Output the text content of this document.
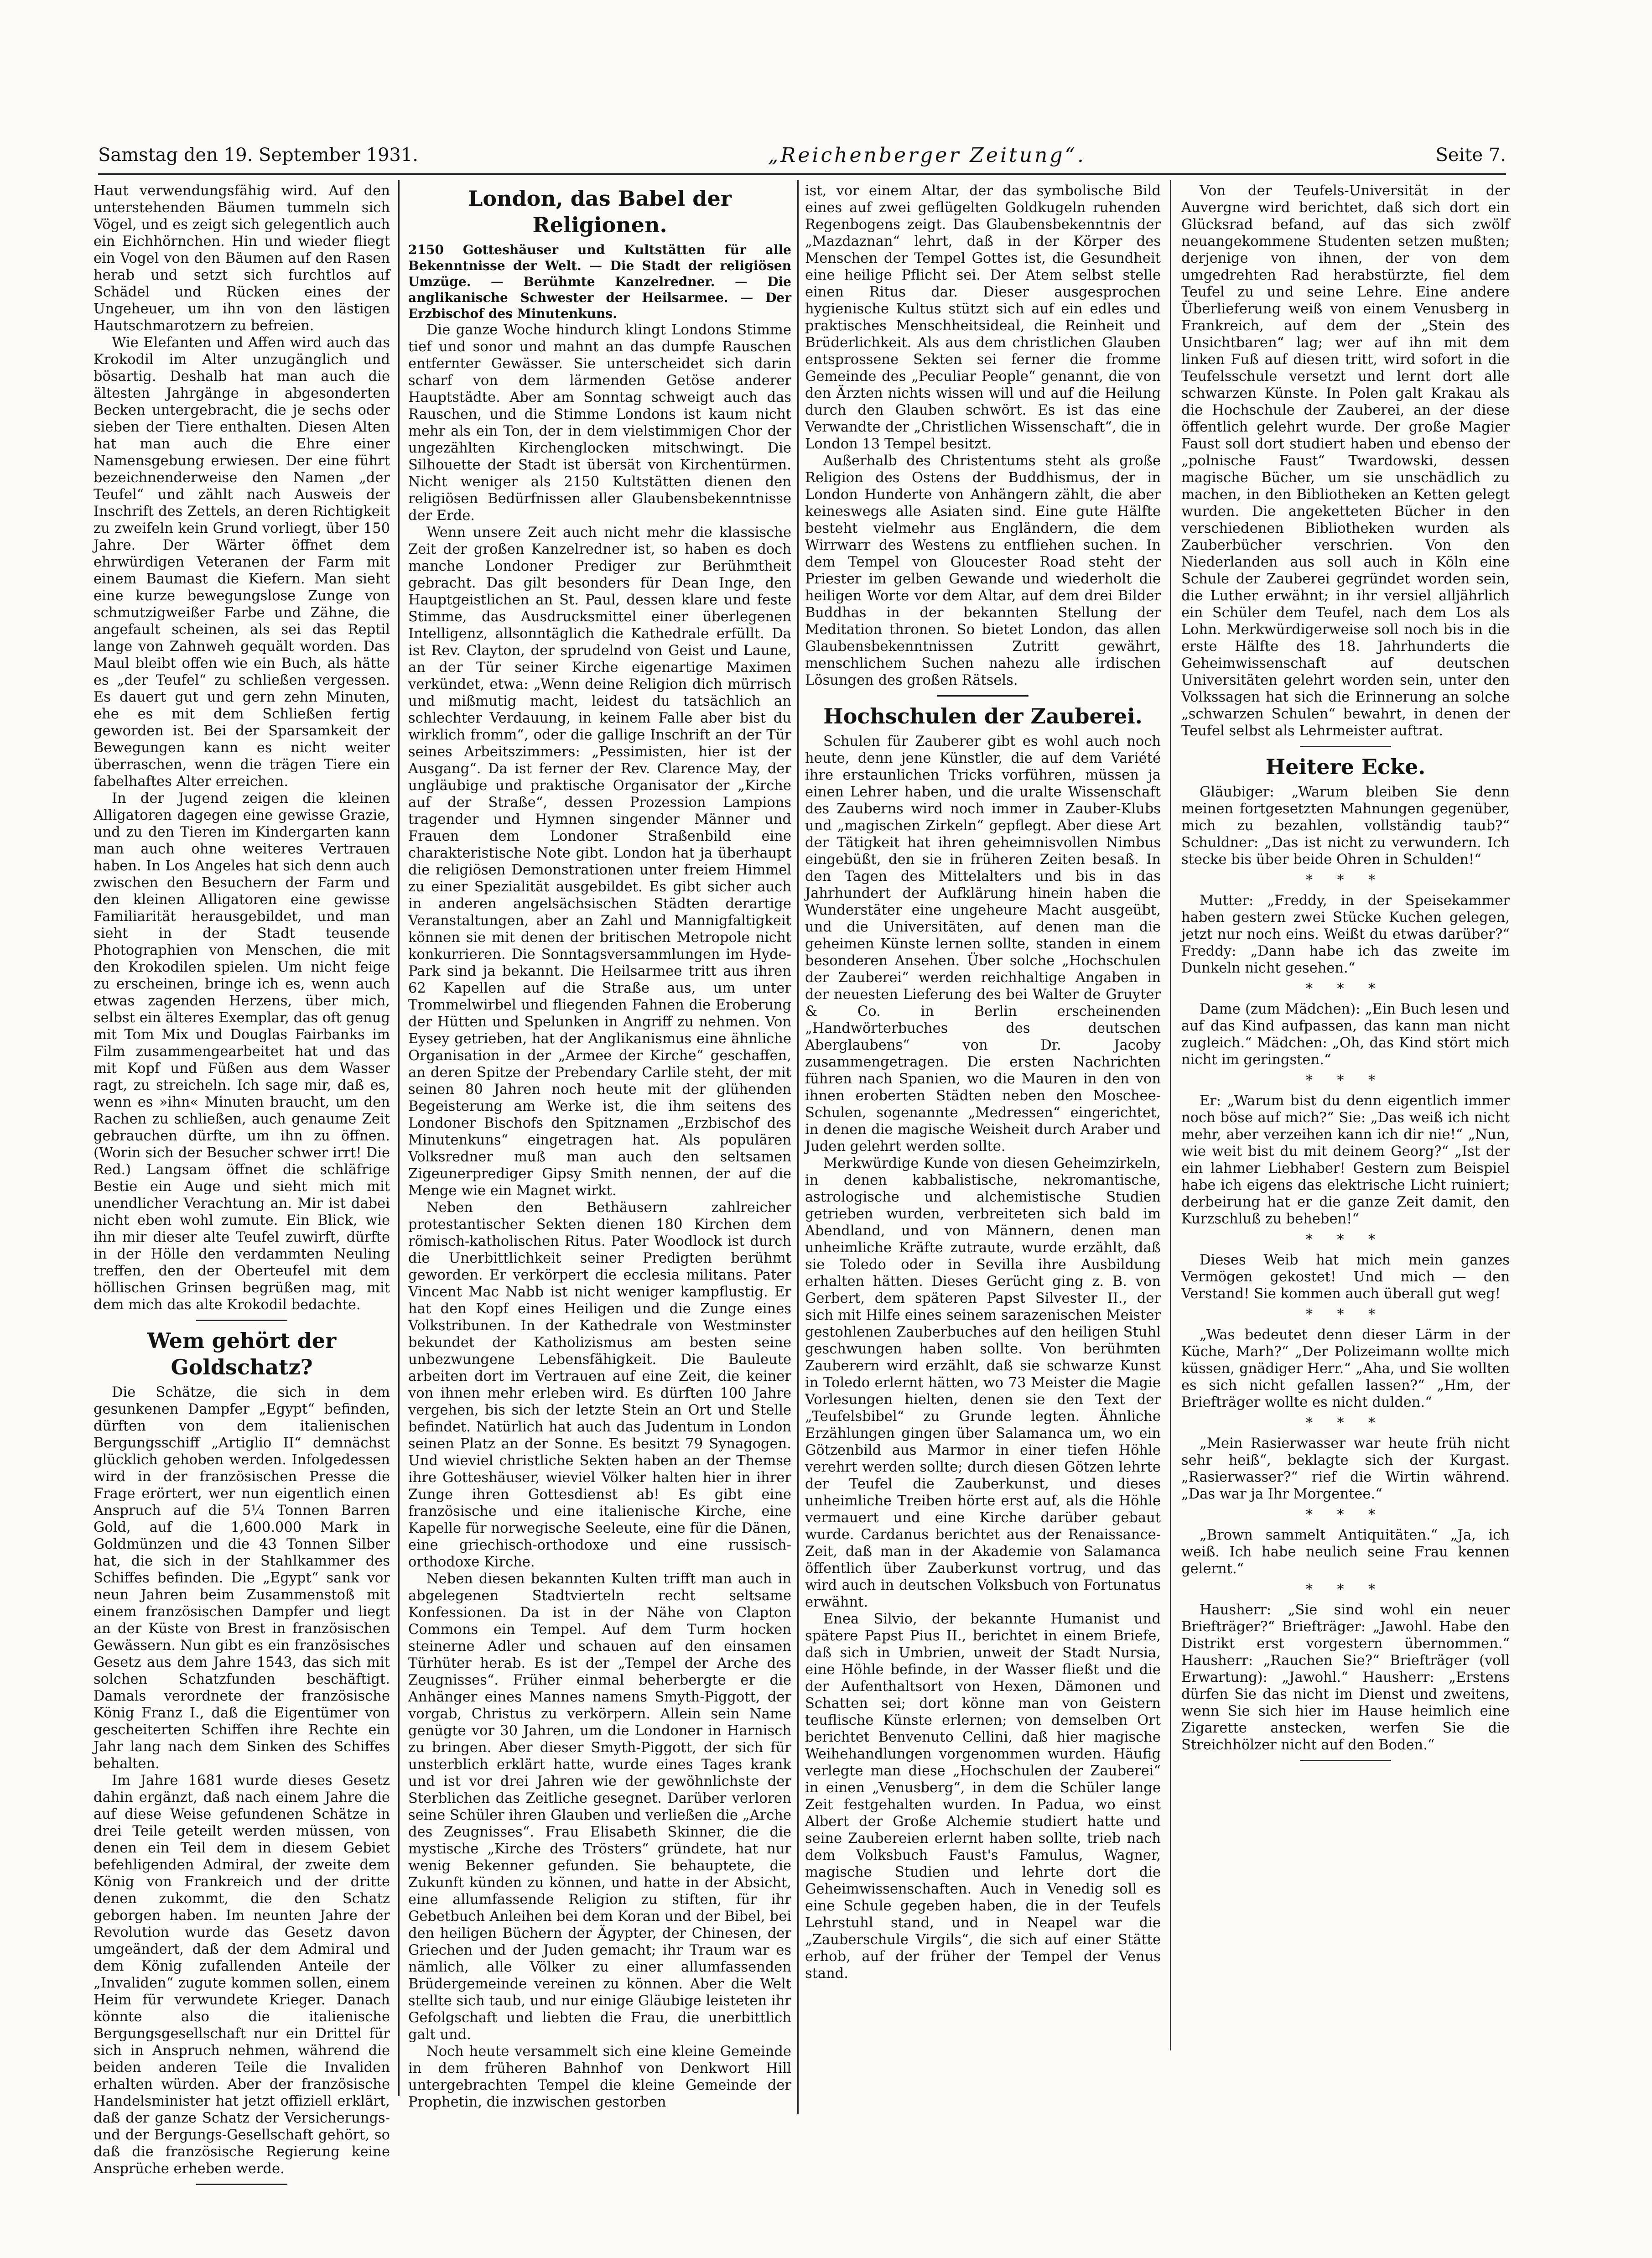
Samstag den 19. September 1931.	„Reichenberger Zeitung“.	Seite 7.

Haut verwendungsfähig wird. Auf den unterstehenden Bäumen tummeln sich Vögel, und es zeigt sich gelegentlich auch ein Eichhörnchen. Hin und wieder fliegt ein Vogel von den Bäumen auf den Rasen herab und setzt sich furchtlos auf Schädel und Rücken eines der Ungeheuer, um ihn von den lästigen Hautschmarotzern zu befreien.

Wie Elefanten und Affen wird auch das Krokodil im Alter unzugänglich und bösartig. Deshalb hat man auch die ältesten Jahrgänge in abgesonderten Becken untergebracht, die je sechs oder sieben der Tiere enthalten. Diesen Alten hat man auch die Ehre einer Namensgebung erwiesen. Der eine führt bezeichnenderweise den Namen „der Teufel“ und zählt nach Ausweis der Inschrift des Zettels, an deren Richtigkeit zu zweifeln kein Grund vorliegt, über 150 Jahre. Der Wärter öffnet dem ehrwürdigen Veteranen der Farm mit einem Baumast die Kiefern. Man sieht eine kurze bewegungslose Zunge von schmutzigweißer Farbe und Zähne, die angefault scheinen, als sei das Reptil lange von Zahnweh gequält worden. Das Maul bleibt offen wie ein Buch, als hätte es „der Teufel“ zu schließen vergessen. Es dauert gut und gern zehn Minuten, ehe es mit dem Schließen fertig geworden ist. Bei der Sparsamkeit der Bewegungen kann es nicht weiter überraschen, wenn die trägen Tiere ein fabelhaftes Alter erreichen.

In der Jugend zeigen die kleinen Alligatoren dagegen eine gewisse Grazie, und zu den Tieren im Kindergarten kann man auch ohne weiteres Vertrauen haben. In Los Angeles hat sich denn auch zwischen den Besuchern der Farm und den kleinen Alligatoren eine gewisse Familiarität herausgebildet, und man sieht in der Stadt teusende Photographien von Menschen, die mit den Krokodilen spielen. Um nicht feige zu erscheinen, bringe ich es, wenn auch etwas zagenden Herzens, über mich, selbst ein älteres Exemplar, das oft genug mit Tom Mix und Douglas Fairbanks im Film zusammengearbeitet hat und das mit Kopf und Füßen aus dem Wasser ragt, zu streicheln. Ich sage mir, daß es, wenn es »ihn« Minuten braucht, um den Rachen zu schließen, auch genaume Zeit gebrauchen dürfte, um ihn zu öffnen. (Worin sich der Besucher schwer irrt! Die Red.) Langsam öffnet die schläfrige Bestie ein Auge und sieht mich mit unendlicher Verachtung an. Mir ist dabei nicht eben wohl zumute. Ein Blick, wie ihn mir dieser alte Teufel zuwirft, dürfte in der Hölle den verdammten Neuling treffen, den der Oberteufel mit dem höllischen Grinsen begrüßen mag, mit dem mich das alte Krokodil bedachte.

Wem gehört der Goldschatz?

Die Schätze, die sich in dem gesunkenen Dampfer „Egypt“ befinden, dürften von dem italienischen Bergungsschiff „Artiglio II“ demnächst glücklich gehoben werden. Infolgedessen wird in der französischen Presse die Frage erörtert, wer nun eigentlich einen Anspruch auf die 5¼ Tonnen Barren Gold, auf die 1,600.000 Mark in Goldmünzen und die 43 Tonnen Silber hat, die sich in der Stahlkammer des Schiffes befinden. Die „Egypt“ sank vor neun Jahren beim Zusammenstoß mit einem französischen Dampfer und liegt an der Küste von Brest in französischen Gewässern. Nun gibt es ein französisches Gesetz aus dem Jahre 1543, das sich mit solchen Schatzfunden beschäftigt. Damals verordnete der französische König Franz I., daß die Eigentümer von gescheiterten Schiffen ihre Rechte ein Jahr lang nach dem Sinken des Schiffes behalten.

Im Jahre 1681 wurde dieses Gesetz dahin ergänzt, daß nach einem Jahre die auf diese Weise gefundenen Schätze in drei Teile geteilt werden müssen, von denen ein Teil dem in diesem Gebiet befehligenden Admiral, der zweite dem König von Frankreich und der dritte denen zukommt, die den Schatz geborgen haben. Im neunten Jahre der Revolution wurde das Gesetz davon umgeändert, daß der dem Admiral und dem König zufallenden Anteile der „Invaliden“ zugute kommen sollen, einem Heim für verwundete Krieger. Danach könnte also die italienische Bergungsgesellschaft nur ein Drittel für sich in Anspruch nehmen, während die beiden anderen Teile die Invaliden erhalten würden. Aber der französische Handelsminister hat jetzt offiziell erklärt, daß der ganze Schatz der Versicherungs- und der Bergungs-Gesellschaft gehört, so daß die französische Regierung keine Ansprüche erheben werde.

London, das Babel der Religionen.

2150 Gotteshäuser und Kultstätten für alle Bekenntnisse der Welt. — Die Stadt der religiösen Umzüge. — Berühmte Kanzelredner. — Die anglikanische Schwester der Heilsarmee. — Der Erzbischof des Minutenkuns.

Die ganze Woche hindurch klingt Londons Stimme tief und sonor und mahnt an das dumpfe Rauschen entfernter Gewässer. Sie unterscheidet sich darin scharf von dem lärmenden Getöse anderer Hauptstädte. Aber am Sonntag schweigt auch das Rauschen, und die Stimme Londons ist kaum nicht mehr als ein Ton, der in dem vielstimmigen Chor der ungezählten Kirchenglocken mitschwingt. Die Silhouette der Stadt ist übersät von Kirchentürmen. Nicht weniger als 2150 Kultstätten dienen den religiösen Bedürfnissen aller Glaubensbekenntnisse der Erde.

Wenn unsere Zeit auch nicht mehr die klassische Zeit der großen Kanzelredner ist, so haben es doch manche Londoner Prediger zur Berühmtheit gebracht. Das gilt besonders für Dean Inge, den Hauptgeistlichen an St. Paul, dessen klare und feste Stimme, das Ausdrucksmittel einer überlegenen Intelligenz, allsonntäglich die Kathedrale erfüllt. Da ist Rev. Clayton, der sprudelnd von Geist und Laune, an der Tür seiner Kirche eigenartige Maximen verkündet, etwa: „Wenn deine Religion dich mürrisch und mißmutig macht, leidest du tatsächlich an schlechter Verdauung, in keinem Falle aber bist du wirklich fromm“, oder die gallige Inschrift an der Tür seines Arbeitszimmers: „Pessimisten, hier ist der Ausgang“. Da ist ferner der Rev. Clarence May, der ungläubige und praktische Organisator der „Kirche auf der Straße“, dessen Prozession Lampions tragender und Hymnen singender Männer und Frauen dem Londoner Straßenbild eine charakteristische Note gibt. London hat ja überhaupt die religiösen Demonstrationen unter freiem Himmel zu einer Spezialität ausgebildet. Es gibt sicher auch in anderen angelsächsischen Städten derartige Veranstaltungen, aber an Zahl und Mannigfaltigkeit können sie mit denen der britischen Metropole nicht konkurrieren. Die Sonntagsversammlungen im Hyde-Park sind ja bekannt. Die Heilsarmee tritt aus ihren 62 Kapellen auf die Straße aus, um unter Trommelwirbel und fliegenden Fahnen die Eroberung der Hütten und Spelunken in Angriff zu nehmen. Von Eysey getrieben, hat der Anglikanismus eine ähnliche Organisation in der „Armee der Kirche“ geschaffen, an deren Spitze der Prebendary Carlile steht, der mit seinen 80 Jahren noch heute mit der glühenden Begeisterung am Werke ist, die ihm seitens des Londoner Bischofs den Spitznamen „Erzbischof des Minutenkuns“ eingetragen hat. Als populären Volksredner muß man auch den seltsamen Zigeunerprediger Gipsy Smith nennen, der auf die Menge wie ein Magnet wirkt.

Neben den Bethäusern zahlreicher protestantischer Sekten dienen 180 Kirchen dem römisch-katholischen Ritus. Pater Woodlock ist durch die Unerbittlichkeit seiner Predigten berühmt geworden. Er verkörpert die ecclesia militans. Pater Vincent Mac Nabb ist nicht weniger kampflustig. Er hat den Kopf eines Heiligen und die Zunge eines Volkstribunen. In der Kathedrale von Westminster bekundet der Katholizismus am besten seine unbezwungene Lebensfähigkeit. Die Bauleute arbeiten dort im Vertrauen auf eine Zeit, die keiner von ihnen mehr erleben wird. Es dürften 100 Jahre vergehen, bis sich der letzte Stein an Ort und Stelle befindet. Natürlich hat auch das Judentum in London seinen Platz an der Sonne. Es besitzt 79 Synagogen. Und wieviel christliche Sekten haben an der Themse ihre Gotteshäuser, wieviel Völker halten hier in ihrer Zunge ihren Gottesdienst ab! Es gibt eine französische und eine italienische Kirche, eine Kapelle für norwegische Seeleute, eine für die Dänen, eine griechisch-orthodoxe und eine russisch-orthodoxe Kirche.

Neben diesen bekannten Kulten trifft man auch in abgelegenen Stadtvierteln recht seltsame Konfessionen. Da ist in der Nähe von Clapton Commons ein Tempel. Auf dem Turm hocken steinerne Adler und schauen auf den einsamen Türhüter herab. Es ist der „Tempel der Arche des Zeugnisses“. Früher einmal beherbergte er die Anhänger eines Mannes namens Smyth-Piggott, der vorgab, Christus zu verkörpern. Allein sein Name genügte vor 30 Jahren, um die Londoner in Harnisch zu bringen. Aber dieser Smyth-Piggott, der sich für unsterblich erklärt hatte, wurde eines Tages krank und ist vor drei Jahren wie der gewöhnlichste der Sterblichen das Zeitliche gesegnet. Darüber verloren seine Schüler ihren Glauben und verließen die „Arche des Zeugnisses“. Frau Elisabeth Skinner, die die mystische „Kirche des Trösters“ gründete, hat nur wenig Bekenner gefunden. Sie behauptete, die Zukunft künden zu können, und hatte in der Absicht, eine allumfassende Religion zu stiften, für ihr Gebetbuch Anleihen bei dem Koran und der Bibel, bei den heiligen Büchern der Ägypter, der Chinesen, der Griechen und der Juden gemacht; ihr Traum war es nämlich, alle Völker zu einer allumfassenden Brüdergemeinde vereinen zu können. Aber die Welt stellte sich taub, und nur einige Gläubige leisteten ihr Gefolgschaft und liebten die Frau, die unerbittlich galt und.

Noch heute versammelt sich eine kleine Gemeinde in dem früheren Bahnhof von Denkwort Hill untergebrachten Tempel die kleine Gemeinde der Prophetin, die inzwischen gestorben

ist, vor einem Altar, der das symbolische Bild eines auf zwei geflügelten Goldkugeln ruhenden Regenbogens zeigt. Das Glaubensbekenntnis der „Mazdaznan“ lehrt, daß in der Körper des Menschen der Tempel Gottes ist, die Gesundheit eine heilige Pflicht sei. Der Atem selbst stelle einen Ritus dar. Dieser ausgesprochen hygienische Kultus stützt sich auf ein edles und praktisches Menschheitsideal, die Reinheit und Brüderlichkeit. Als aus dem christlichen Glauben entsprossene Sekten sei ferner die fromme Gemeinde des „Peculiar People“ genannt, die von den Ärzten nichts wissen will und auf die Heilung durch den Glauben schwört. Es ist das eine Verwandte der „Christlichen Wissenschaft“, die in London 13 Tempel besitzt.

Außerhalb des Christentums steht als große Religion des Ostens der Buddhismus, der in London Hunderte von Anhängern zählt, die aber keineswegs alle Asiaten sind. Eine gute Hälfte besteht vielmehr aus Engländern, die dem Wirrwarr des Westens zu entfliehen suchen. In dem Tempel von Gloucester Road steht der Priester im gelben Gewande und wiederholt die heiligen Worte vor dem Altar, auf dem drei Bilder Buddhas in der bekannten Stellung der Meditation thronen. So bietet London, das allen Glaubensbekenntnissen Zutritt gewährt, menschlichem Suchen nahezu alle irdischen Lösungen des großen Rätsels.

Hochschulen der Zauberei.

Schulen für Zauberer gibt es wohl auch noch heute, denn jene Künstler, die auf dem Variété ihre erstaunlichen Tricks vorführen, müssen ja einen Lehrer haben, und die uralte Wissenschaft des Zauberns wird noch immer in Zauber-Klubs und „magischen Zirkeln“ gepflegt. Aber diese Art der Tätigkeit hat ihren geheimnisvollen Nimbus eingebüßt, den sie in früheren Zeiten besaß. In den Tagen des Mittelalters und bis in das Jahrhundert der Aufklärung hinein haben die Wunderstäter eine ungeheure Macht ausgeübt, und die Universitäten, auf denen man die geheimen Künste lernen sollte, standen in einem besonderen Ansehen. Über solche „Hochschulen der Zauberei“ werden reichhaltige Angaben in der neuesten Lieferung des bei Walter de Gruyter & Co. in Berlin erscheinenden „Handwörterbuches des deutschen Aberglaubens“ von Dr. Jacoby zusammengetragen. Die ersten Nachrichten führen nach Spanien, wo die Mauren in den von ihnen eroberten Städten neben den Moschee-Schulen, sogenannte „Medressen“ eingerichtet, in denen die magische Weisheit durch Araber und Juden gelehrt werden sollte.

Merkwürdige Kunde von diesen Geheimzirkeln, in denen kabbalistische, nekromantische, astrologische und alchemistische Studien getrieben wurden, verbreiteten sich bald im Abendland, und von Männern, denen man unheimliche Kräfte zutraute, wurde erzählt, daß sie Toledo oder in Sevilla ihre Ausbildung erhalten hätten. Dieses Gerücht ging z. B. von Gerbert, dem späteren Papst Silvester II., der sich mit Hilfe eines seinem sarazenischen Meister gestohlenen Zauberbuches auf den heiligen Stuhl geschwungen haben sollte. Von berühmten Zauberern wird erzählt, daß sie schwarze Kunst in Toledo erlernt hätten, wo 73 Meister die Magie Vorlesungen hielten, denen sie den Text der „Teufelsbibel“ zu Grunde legten. Ähnliche Erzählungen gingen über Salamanca um, wo ein Götzenbild aus Marmor in einer tiefen Höhle verehrt werden sollte; durch diesen Götzen lehrte der Teufel die Zauberkunst, und dieses unheimliche Treiben hörte erst auf, als die Höhle vermauert und eine Kirche darüber gebaut wurde. Cardanus berichtet aus der Renaissance-Zeit, daß man in der Akademie von Salamanca öffentlich über Zauberkunst vortrug, und das wird auch in deutschen Volksbuch von Fortunatus erwähnt.

Enea Silvio, der bekannte Humanist und spätere Papst Pius II., berichtet in einem Briefe, daß sich in Umbrien, unweit der Stadt Nursia, eine Höhle befinde, in der Wasser fließt und die der Aufenthaltsort von Hexen, Dämonen und Schatten sei; dort könne man von Geistern teuflische Künste erlernen; von demselben Ort berichtet Benvenuto Cellini, daß hier magische Weihehandlungen vorgenommen wurden. Häufig verlegte man diese „Hochschulen der Zauberei“ in einen „Venusberg“, in dem die Schüler lange Zeit festgehalten wurden. In Padua, wo einst Albert der Große Alchemie studiert hatte und seine Zaubereien erlernt haben sollte, trieb nach dem Volksbuch Faust's Famulus, Wagner, magische Studien und lehrte dort die Geheimwissenschaften. Auch in Venedig soll es eine Schule gegeben haben, die in der Teufels Lehrstuhl stand, und in Neapel war die „Zauberschule Virgils“, die sich auf einer Stätte erhob, auf der früher der Tempel der Venus stand.

Von der Teufels-Universität in der Auvergne wird berichtet, daß sich dort ein Glücksrad befand, auf das sich zwölf neuangekommene Studenten setzen mußten; derjenige von ihnen, der von dem umgedrehten Rad herabstürzte, fiel dem Teufel zu und seine Lehre. Eine andere Überlieferung weiß von einem Venusberg in Frankreich, auf dem der „Stein des Unsichtbaren“ lag; wer auf ihn mit dem linken Fuß auf diesen tritt, wird sofort in die Teufelsschule versetzt und lernt dort alle schwarzen Künste. In Polen galt Krakau als die Hochschule der Zauberei, an der diese öffentlich gelehrt wurde. Der große Magier Faust soll dort studiert haben und ebenso der „polnische Faust“ Twardowski, dessen magische Bücher, um sie unschädlich zu machen, in den Bibliotheken an Ketten gelegt wurden. Die angeketteten Bücher in den verschiedenen Bibliotheken wurden als Zauberbücher verschrien. Von den Niederlanden aus soll auch in Köln eine Schule der Zauberei gegründet worden sein, die Luther erwähnt; in ihr versiel alljährlich ein Schüler dem Teufel, nach dem Los als Lohn. Merkwürdigerweise soll noch bis in die erste Hälfte des 18. Jahrhunderts die Geheimwissenschaft auf deutschen Universitäten gelehrt worden sein, unter den Volkssagen hat sich die Erinnerung an solche „schwarzen Schulen“ bewahrt, in denen der Teufel selbst als Lehrmeister auftrat.

Heitere Ecke.

Gläubiger: „Warum bleiben Sie denn meinen fortgesetzten Mahnungen gegenüber, mich zu bezahlen, vollständig taub?“ Schuldner: „Das ist nicht zu verwundern. Ich stecke bis über beide Ohren in Schulden!“

* * *

Mutter: „Freddy, in der Speisekammer haben gestern zwei Stücke Kuchen gelegen, jetzt nur noch eins. Weißt du etwas darüber?“ Freddy: „Dann habe ich das zweite im Dunkeln nicht gesehen.“

* * *

Dame (zum Mädchen): „Ein Buch lesen und auf das Kind aufpassen, das kann man nicht zugleich.“ Mädchen: „Oh, das Kind stört mich nicht im geringsten.“

* * *

Er: „Warum bist du denn eigentlich immer noch böse auf mich?“ Sie: „Das weiß ich nicht mehr, aber verzeihen kann ich dir nie!“ „Nun, wie weit bist du mit deinem Georg?“ „Ist der ein lahmer Liebhaber! Gestern zum Beispiel habe ich eigens das elektrische Licht ruiniert; derbeirung hat er die ganze Zeit damit, den Kurzschluß zu beheben!“

* * *

Dieses Weib hat mich mein ganzes Vermögen gekostet! Und mich — den Verstand! Sie kommen auch überall gut weg!

* * *

„Was bedeutet denn dieser Lärm in der Küche, Marh?“ „Der Polizeimann wollte mich küssen, gnädiger Herr.“ „Aha, und Sie wollten es sich nicht gefallen lassen?“ „Hm, der Briefträger wollte es nicht dulden.“

* * *

„Mein Rasierwasser war heute früh nicht sehr heiß“, beklagte sich der Kurgast. „Rasierwasser?“ rief die Wirtin während. „Das war ja Ihr Morgentee.“

* * *

„Brown sammelt Antiquitäten.“ „Ja, ich weiß. Ich habe neulich seine Frau kennen gelernt.“

* * *

Hausherr: „Sie sind wohl ein neuer Briefträger?“ Briefträger: „Jawohl. Habe den Distrikt erst vorgestern übernommen.“ Hausherr: „Rauchen Sie?“ Briefträger (voll Erwartung): „Jawohl.“ Hausherr: „Erstens dürfen Sie das nicht im Dienst und zweitens, wenn Sie sich hier im Hause heimlich eine Zigarette anstecken, werfen Sie die Streichhölzer nicht auf den Boden.“
